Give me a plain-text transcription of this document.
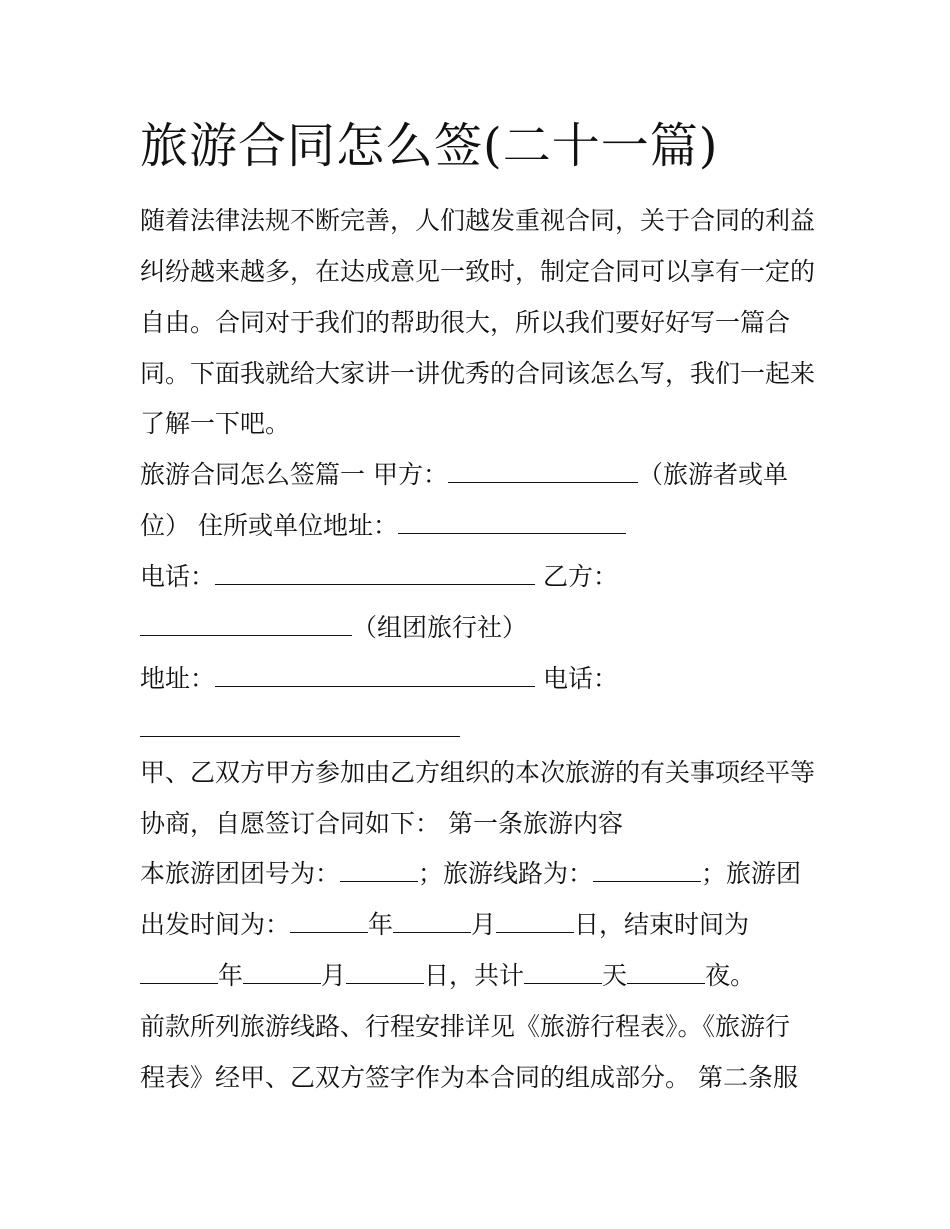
旅游合同怎么签(二十一篇)

随着法律法规不断完善，人们越发重视合同，关于合同的利益

纠纷越来越多，在达成意见一致时，制定合同可以享有一定的

自由。合同对于我们的帮助很大，所以我们要好好写一篇合

同。下面我就给大家讲一讲优秀的合同该怎么写，我们一起来

了解一下吧。

旅游合同怎么签篇一 甲方：	（旅游者或单

位） 住所或单位地址：

电话：	乙方：

（组团旅行社）

地址：	电话：

甲、乙双方甲方参加由乙方组织的本次旅游的有关事项经平等

协商，自愿签订合同如下： 第一条旅游内容

本旅游团团号为：	；旅游线路为：	；旅游团

出发时间为：	年	月	日，结束时间为

年	月	日，共计	天	夜。

前款所列旅游线路、行程安排详见《旅游行程表》。《旅游行

程表》经甲、乙双方签字作为本合同的组成部分。 第二条服
